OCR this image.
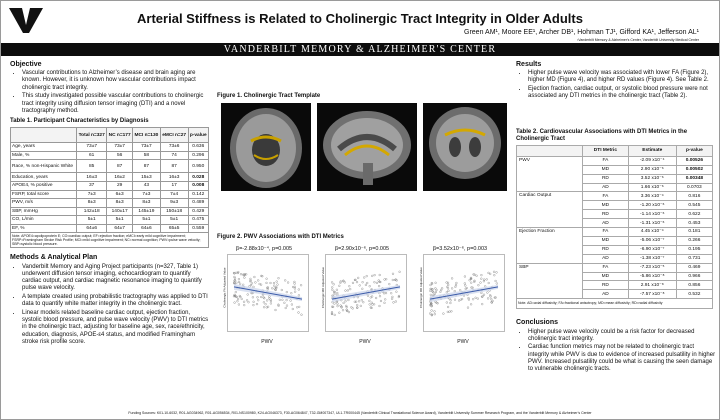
Arterial Stiffness is Related to Cholinergic Tract Integrity in Older Adults
Green AM¹, Moore EE¹, Archer DB¹, Hohman TJ¹, Gifford KA¹, Jefferson AL¹
¹Vanderbilt Memory & Alzheimer's Center, Vanderbilt University Medical Center
VANDERBILT MEMORY & ALZHEIMER'S CENTER
Objective
• Vascular contributions to Alzheimer’s disease and brain aging are known. However, it is unknown how vascular contributions impact cholinergic tract integrity.
• This study investigated possible vascular contributions to cholinergic tract integrity using diffusion tensor imaging (DTI) and a novel tractography method.
Table 1. Participant Characteristics by Diagnosis
	Total n=327	NC n=177	MCI n=130	eMCI n=27	p-value
Age, years	73±7	73±7	73±7	73±6	0.636
Male, %	61	56	58	74	0.296
Race, % non-Hispanic White	85	87	87	87	0.950
Education, years	16±3	16±2	15±3	16±3	0.028
APOE4, % positive	37	29	43	17	0.008
FSRP, total score	7±3	6±3	7±3	7±4	0.142
PWV, m/s	8±3	8±3	8±3	9±3	0.489
SBP, mmHg	142±18	140±17	145±19	150±18	0.429
CO, L/min	5±1	5±1	5±1	5±1	0.475
EF, %	64±6	64±7	64±6	65±5	0.559
Note. APOE4=apolipoprotein E; CO=cardiac output; EF=ejection fraction; eMCI=early mild cognitive impairment; FSRP=Framingham Stroke Risk Profile; MCI=mild cognitive impairment; NC=normal cognition; PWV=pulse wave velocity; SBP=systolic blood pressure.
Methods & Analytical Plan
• Vanderbilt Memory and Aging Project participants (n=327, Table 1) underwent diffusion tensor imaging, echocardiogram to quantify cardiac output, and cardiac magnetic resonance imaging to quantify pulse wave velocity.
• A template created using probabilistic tractography was applied to DTI data to quantify white matter integrity in the cholinergic tract.
• Linear models related baseline cardiac output, ejection fraction, systolic blood pressure, and pulse wave velocity (PWV) to DTI metrics in the cholinergic tract, adjusting for baseline age, sex, race/ethnicity, education, diagnosis, APOE-ε4 status, and modified Framingham stroke risk profile score.
Figure 1. Cholinergic Tract Template
Figure 2. PWV Associations with DTI Metrics
β=-2.88x10⁻⁴, p=0.005
Cholinergic FA Adjusted Value
PWV
β=2.90x10⁻⁶, p=0.005
Cholinergic MD Adjusted Value
PWV
β=3.52x10⁻⁶, p=0.003
Cholinergic RD Adjusted Value
PWV
Results
• Higher pulse wave velocity was associated with lower FA (Figure 2), higher MD (Figure 4), and higher RD values (Figure 4). See Table 2.
• Ejection fraction, cardiac output, or systolic blood pressure were not associated any DTI metrics in the cholinergic tract (Table 2).
Table 2. Cardiovascular Associations with DTI Metrics in the Cholinergic Tract
	DTI Metric	Estimate	p-value
PWV	FA	-2.09 x10⁻⁴	0.00526
	MD	2.90 x10⁻⁶	0.00502
	RD	3.52 x10⁻⁶	0.00348
	AD	1.66 x10⁻⁶	0.0703
Cardiac Output	FA	3.36 x10⁻⁴	0.816
	MD	-1.20 x10⁻⁶	0.545
	RD	-1.14 x10⁻⁶	0.622
	AD	-1.31 x10⁻⁶	0.453
Ejection Fraction	FA	4.45 x10⁻⁴	0.181
	MD	-5.06 x10⁻⁷	0.266
	RD	-6.90 x10⁻⁷	0.195
	AD	-1.38 x10⁻⁷	0.731
SBP	FA	-7.23 x10⁻⁵	0.469
	MD	-5.86 x10⁻⁸	0.966
	RD	2.91 x10⁻⁸	0.856
	AD	-7.57 x10⁻⁸	0.532
Note. AD=axial diffusivity; FA=fractional anisotropy; MD=mean diffusivity; RD=radial diffusivity
Conclusions
• Higher pulse wave velocity could be a risk factor for decreased cholinergic tract integrity.
• Cardiac function metrics may not be related to cholinergic tract integrity while PWV is due to evidence of increased pulsatility in higher PWV. Increased pulsatility could be what is causing the seen damage to vulnerable cholinergic tracts.
Funding Sources: K01-10-6032, R01-AG034962, R01-AG056534, R01-NS100980, K24-AG046373, F30-AG064847, T32-GM007347, UL1-TR000445 (Vanderbilt Clinical Translational Science Award), Vanderbilt University Summer Research Program, and the Vanderbilt Memory & Alzheimer’s Center
